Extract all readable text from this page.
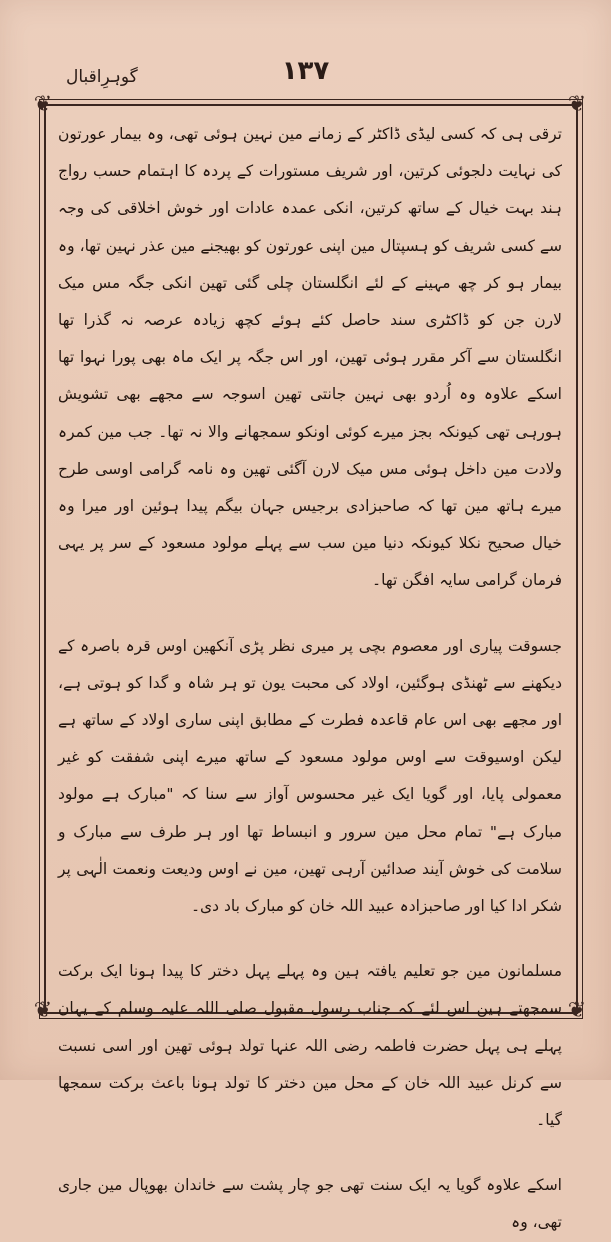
۱۳۷
گوہرِاقبال
❦	❦
❦	❦

ترقی ہی کہ کسی لیڈی ڈاکٹر کے زمانے مین نہین ہوئی تھی، وہ بیمار عورتون کی نہایت دلجوئی کرتین، اور شریف مستورات کے پردہ کا اہتمام حسب رواج ہند بہت خیال کے ساتھ کرتین، انکی عمدہ عادات اور خوش اخلاقی کی وجہ سے کسی شریف کو ہسپتال مین اپنی عورتون کو بھیجنے مین عذر نہین تھا، وہ بیمار ہو کر چھ مہینے کے لئے انگلستان چلی گئی تھین انکی جگہ مس میک لارن جن کو ڈاکٹری سند حاصل کئے ہوئے کچھ زیادہ عرصہ نہ گذرا تھا انگلستان سے آکر مقرر ہوئی تھین، اور اس جگہ پر ایک ماہ بھی پورا نہوا تھا اسکے علاوہ وہ اُردو بھی نہین جانتی تھین اسوجہ سے مجھے بھی تشویش ہورہی تھی کیونکہ بجز میرے کوئی اونکو سمجھانے والا نہ تھا۔ جب مین کمرہ ولادت مین داخل ہوئی مس میک لارن آگئی تھین وہ نامہ گرامی اوسی طرح میرے ہاتھ مین تھا کہ صاحبزادی برجیس جہان بیگم پیدا ہوئین اور میرا وہ خیال صحیح نکلا کیونکہ دنیا مین سب سے پہلے مولود مسعود کے سر پر یہی فرمان گرامی سایہ افگن تھا۔

جسوقت پیاری اور معصوم بچی پر میری نظر پڑی آنکھین اوس قرہ باصرہ کے دیکھنے سے ٹھنڈی ہوگئین، اولاد کی محبت یون تو ہر شاہ و گدا کو ہوتی ہے، اور مجھے بھی اس عام قاعدہ فطرت کے مطابق اپنی ساری اولاد کے ساتھ ہے لیکن اوسیوقت سے اوس مولود مسعود کے ساتھ میرے اپنی شفقت کو غیر معمولی پایا، اور گویا ایک غیر محسوس آواز سے سنا کہ "مبارک ہے مولود مبارک ہے" تمام محل مین سرور و انبساط تھا اور ہر طرف سے مبارک و سلامت کی خوش آیند صدائین آرہی تھین، مین نے اوس ودیعت ونعمت الٰہی پر شکر ادا کیا اور صاحبزادہ عبید اللہ خان کو مبارک باد دی۔

مسلمانون مین جو تعلیم یافتہ ہین وہ پہلے پہل دختر کا پیدا ہونا ایک برکت سمجھتے ہین اس لئے کہ جناب رسول مقبول صلی اللہ علیہ وسلم کے یہان پہلے ہی پہل حضرت فاطمہ رضی اللہ عنہا تولد ہوئی تھین اور اسی نسبت سے کرنل عبید اللہ خان کے محل مین دختر کا تولد ہونا باعث برکت سمجھا گیا۔

اسکے علاوہ گویا یہ ایک سنت تھی جو چار پشت سے خاندان بھوپال مین جاری تھی، وہ
